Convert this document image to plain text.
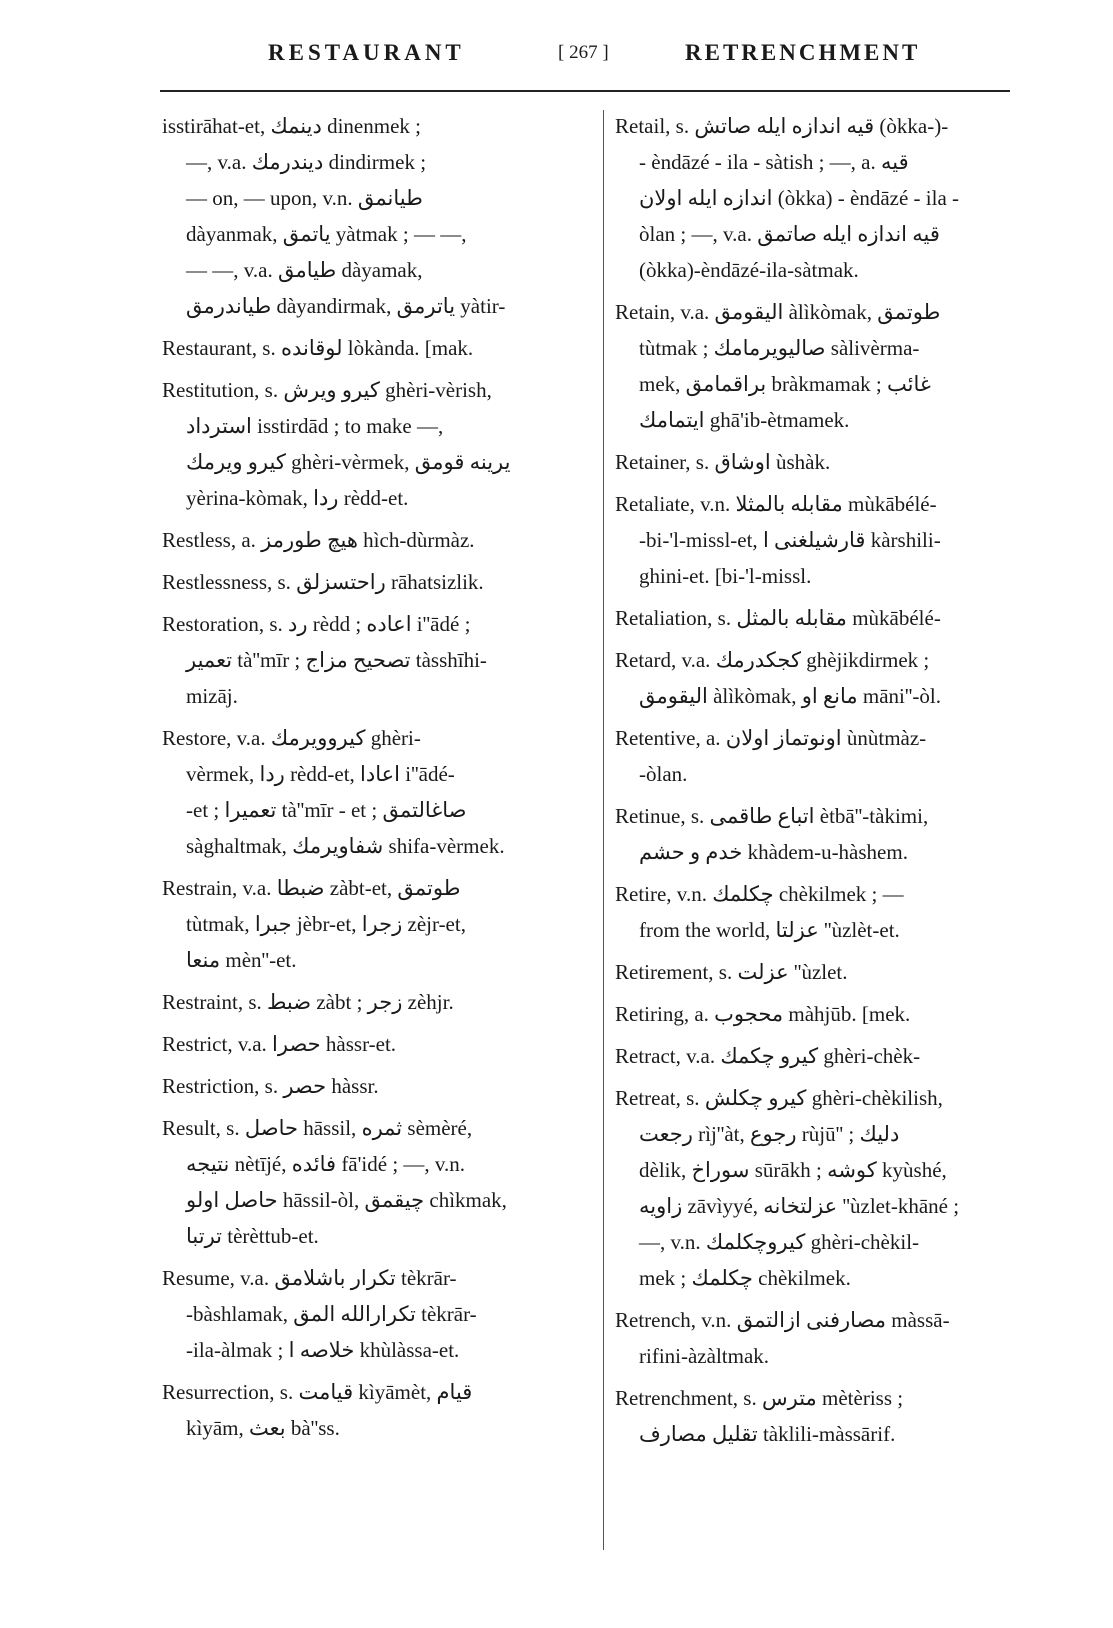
RESTAURANT	[ 267 ]	RETRENCHMENT
isstirāhat-et, دینمك dinenmek ;
—, v.a. دیندرمك dindirmek ;
— on, — upon, v.n. طیانمق
dàyanmak, یاتمق yàtmak ; — —,
— —, v.a. طیامق dàyamak,
طیاندرمق dàyandirmak, یاترمق yàtir-
Restaurant, s. لوقانده lòkànda. [mak.
Restitution, s. كیرو ویرش ghèri-vèrish,
استرداد isstirdād ; to make —,
كیرو ویرمك ghèri-vèrmek, یرینه قومق
yèrina-kòmak, ردا rèdd-et.
Restless, a. هیچ طورمز hìch-dùrmàz.
Restlessness, s. راحتسزلق rāhatsizlik.
Restoration, s. رد rèdd ; اعاده i''ādé ;
تعمیر tà''mīr ; تصحیح مزاج tàsshīhi-
mizāj.
Restore, v.a. كیروویرمك ghèri-
vèrmek, ردا rèdd-et, اعادا i''ādé-
-et ; تعمیرا tà''mīr - et ; صاغالتمق
sàghaltmak, شفاویرمك shifa-vèrmek.
Restrain, v.a. ضبطا zàbt-et, طوتمق
tùtmak, جبرا jèbr-et, زجرا zèjr-et,
منعا mèn''-et.
Restraint, s. ضبط zàbt ; زجر zèhjr.
Restrict, v.a. حصرا hàssr-et.
Restriction, s. حصر hàssr.
Result, s. حاصل hāssil, ثمره sèmèré,
نتیجه nètījé, فائده fā'idé ; —, v.n.
حاصل اولو hāssil-òl, چیقمق chìkmak,
ترتبا tèrèttub-et.
Resume, v.a. تكرار باشلامق tèkrār-
-bàshlamak, تكرارالله المق tèkrār-
-ila-àlmak ; خلاصه ا khùlàssa-et.
Resurrection, s. قیامت kìyāmèt, قیام
kìyām, بعث bà''ss.
Retail, s. قیه اندازه ایله صاتش (òkka-)-
- èndāzé - ila - sàtish ; —, a. قیه
اندازه ایله اولان (òkka) - èndāzé - ila -
òlan ; —, v.a. قیه اندازه ایله صاتمق
(òkka)-èndāzé-ila-sàtmak.
Retain, v.a. الیقومق àlìkòmak, طوتمق
tùtmak ; صالیویرمامك sàlivèrma-
mek, براقمامق bràkmamak ; غائب
ایتمامك ghā'ib-ètmamek.
Retainer, s. اوشاق ùshàk.
Retaliate, v.n. مقابله بالمثلا mùkābélé-
-bi-'l-missl-et, قارشیلغنی ا kàrshili-
ghini-et. [bi-'l-missl.
Retaliation, s. مقابله بالمثل mùkābélé-
Retard, v.a. كجكدرمك ghèjikdirmek ;
الیقومق àlìkòmak, مانع او māni''-òl.
Retentive, a. اونوتماز اولان ùnùtmàz-
-òlan.
Retinue, s. اتباع طاقمی ètbā''-tàkimi,
خدم و حشم khàdem-u-hàshem.
Retire, v.n. چكلمك chèkilmek ; —
from the world, عزلتا ''ùzlèt-et.
Retirement, s. عزلت ''ùzlet.
Retiring, a. محجوب màhjūb. [mek.
Retract, v.a. كیرو چكمك ghèri-chèk-
Retreat, s. كیرو چكلش ghèri-chèkilish,
رجعت rìj''àt, رجوع rùjū'' ; دلیك
dèlik, سوراخ sūrākh ; كوشه kyùshé,
زاویه zāvìyyé, عزلتخانه ''ùzlet-khāné ;
—, v.n. كیروچكلمك ghèri-chèkil-
mek ; چكلمك chèkilmek.
Retrench, v.n. مصارفنی ازالتمق màssā-
rifini-àzàltmak.
Retrenchment, s. مترس mètèriss ;
تقلیل مصارف tàklili-màssārif.
